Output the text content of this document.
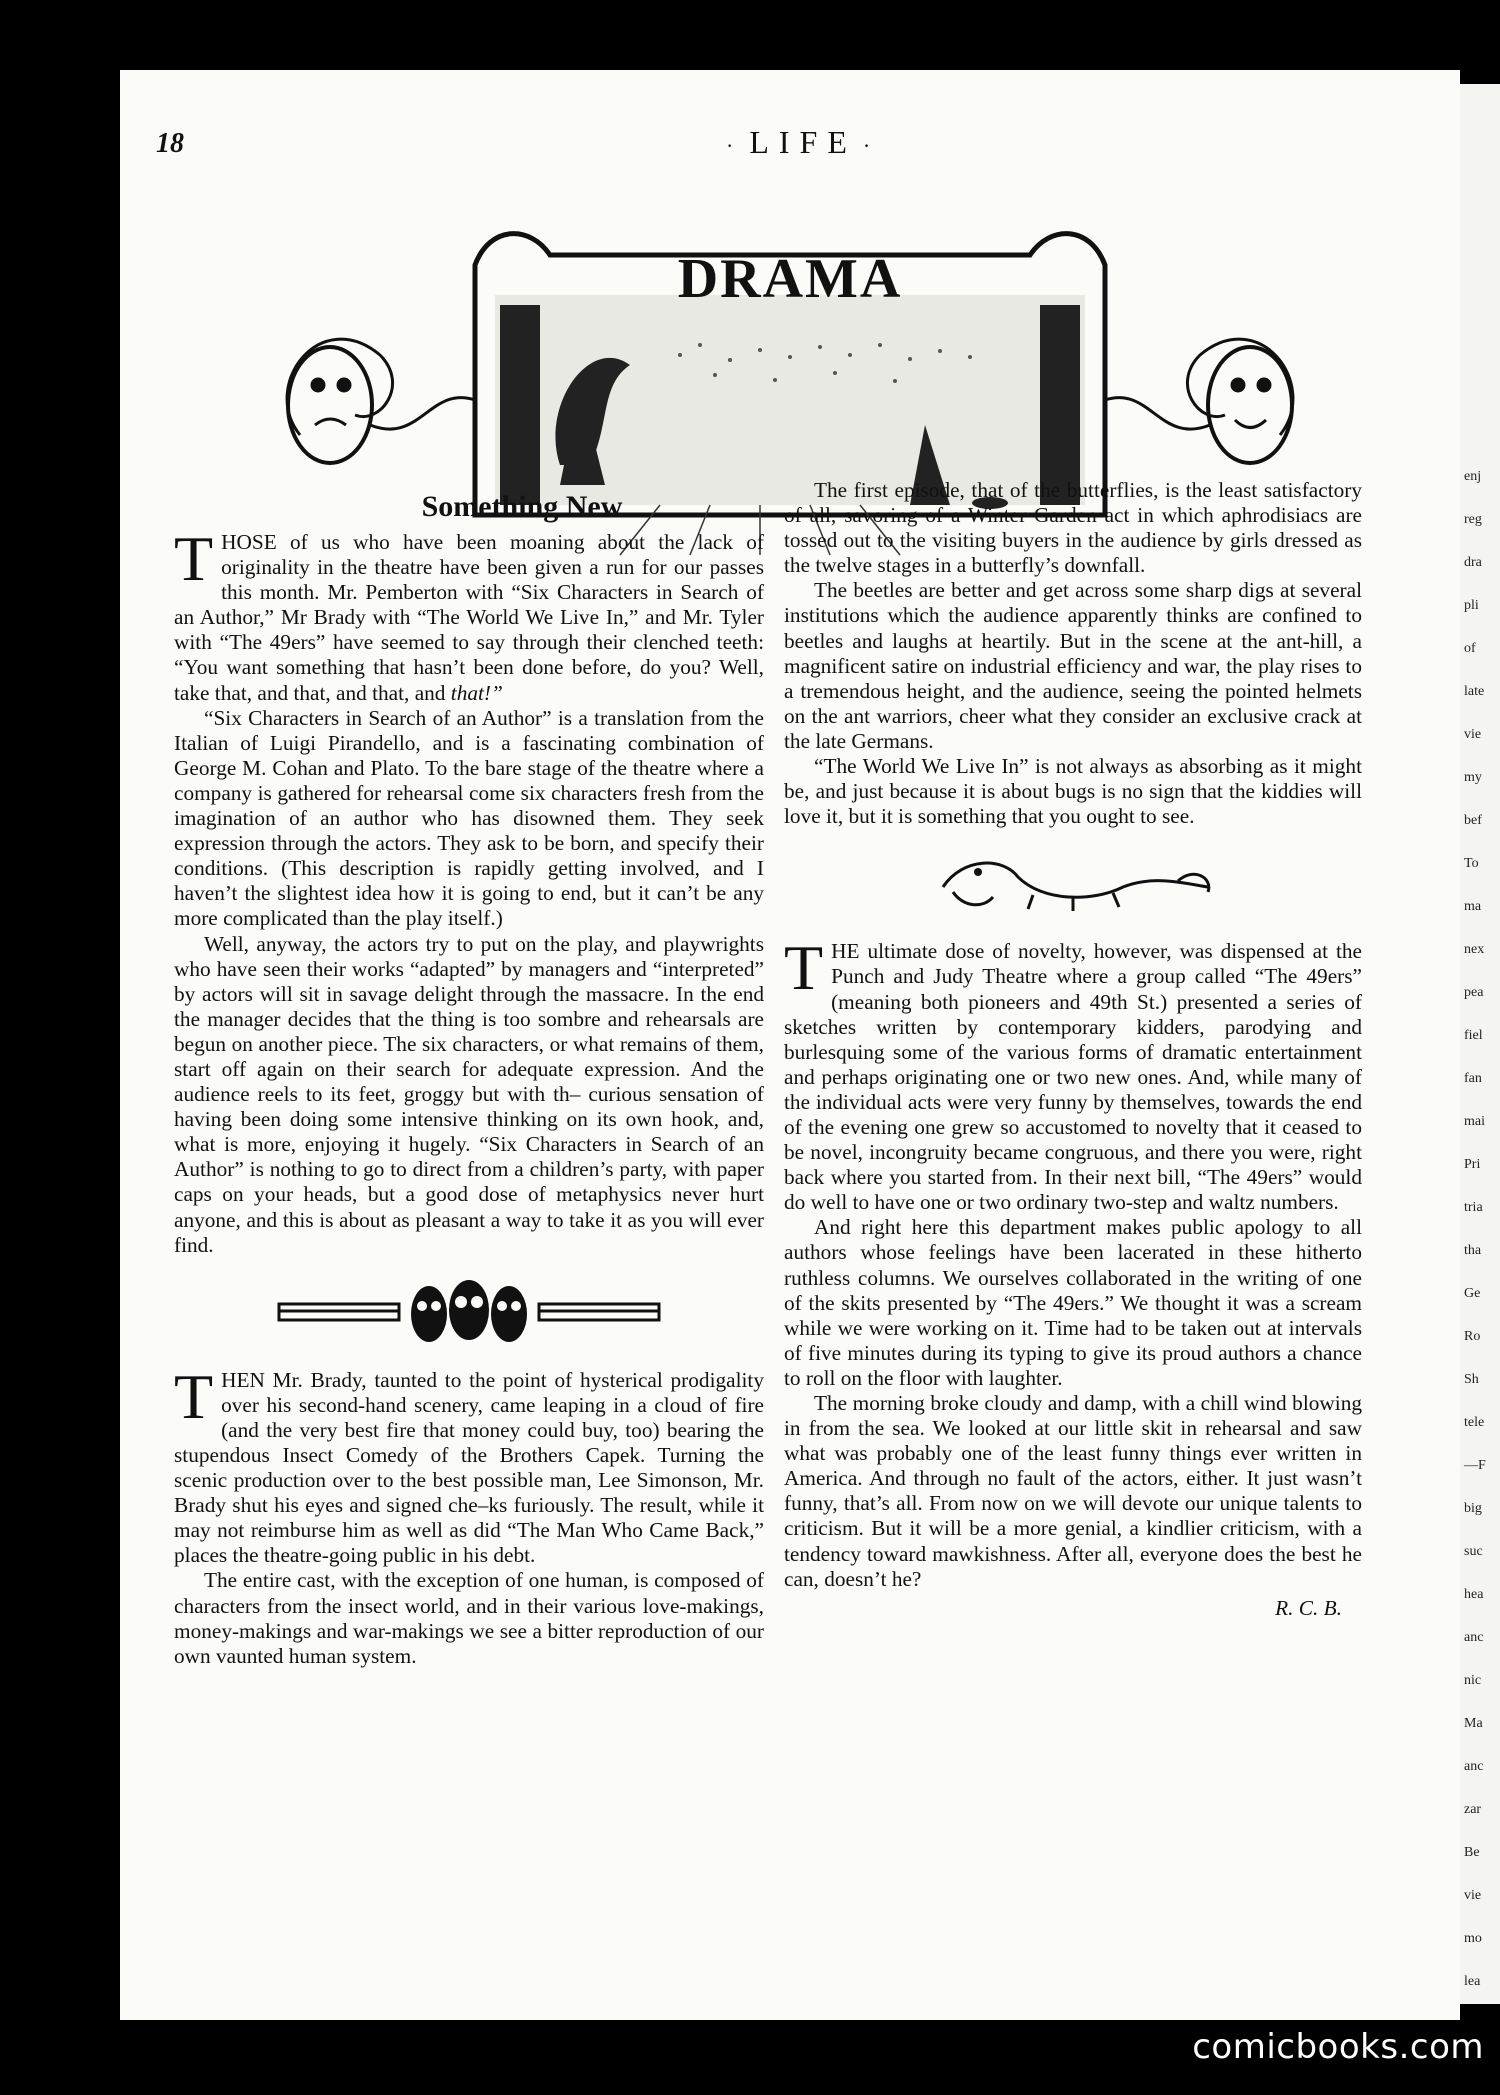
18	· LIFE ·
DRAMA
Something New

THOSE of us who have been moaning about the lack of originality in the theatre have been given a run for our passes this month. Mr. Pemberton with “Six Characters in Search of an Author,” Mr Brady with “The World We Live In,” and Mr. Tyler with “The 49ers” have seemed to say through their clenched teeth: “You want something that hasn’t been done before, do you? Well, take that, and that, and that, and that!”

“Six Characters in Search of an Author” is a translation from the Italian of Luigi Pirandello, and is a fascinating combination of George M. Cohan and Plato. To the bare stage of the theatre where a company is gathered for rehearsal come six characters fresh from the imagination of an author who has disowned them. They seek expression through the actors. They ask to be born, and specify their conditions. (This description is rapidly getting involved, and I haven’t the slightest idea how it is going to end, but it can’t be any more complicated than the play itself.)

Well, anyway, the actors try to put on the play, and playwrights who have seen their works “adapted” by managers and “interpreted” by actors will sit in savage delight through the massacre. In the end the manager decides that the thing is too sombre and rehearsals are begun on another piece. The six characters, or what remains of them, start off again on their search for adequate expression. And the audience reels to its feet, groggy but with th– curious sensation of having been doing some intensive thinking on its own hook, and, what is more, enjoying it hugely. “Six Characters in Search of an Author” is nothing to go to direct from a children’s party, with paper caps on your heads, but a good dose of metaphysics never hurt anyone, and this is about as pleasant a way to take it as you will ever find.

THEN Mr. Brady, taunted to the point of hysterical prodigality over his second-hand scenery, came leaping in a cloud of fire (and the very best fire that money could buy, too) bearing the stupendous Insect Comedy of the Brothers Capek. Turning the scenic production over to the best possible man, Lee Simonson, Mr. Brady shut his eyes and signed che–ks furiously. The result, while it may not reimburse him as well as did “The Man Who Came Back,” places the theatre-going public in his debt.

The entire cast, with the exception of one human, is composed of characters from the insect world, and in their various love-makings, money-makings and war-makings we see a bitter reproduction of our own vaunted human system.

The first episode, that of the butterflies, is the least satisfactory of all, savoring of a Winter Garden act in which aphrodisiacs are tossed out to the visiting buyers in the audience by girls dressed as the twelve stages in a butterfly’s downfall.

The beetles are better and get across some sharp digs at several institutions which the audience apparently thinks are confined to beetles and laughs at heartily. But in the scene at the ant-hill, a magnificent satire on industrial efficiency and war, the play rises to a tremendous height, and the audience, seeing the pointed helmets on the ant warriors, cheer what they consider an exclusive crack at the late Germans.

“The World We Live In” is not always as absorbing as it might be, and just because it is about bugs is no sign that the kiddies will love it, but it is something that you ought to see.

THE ultimate dose of novelty, however, was dispensed at the Punch and Judy Theatre where a group called “The 49ers” (meaning both pioneers and 49th St.) presented a series of sketches written by contemporary kidders, parodying and burlesquing some of the various forms of dramatic entertainment and perhaps originating one or two new ones. And, while many of the individual acts were very funny by themselves, towards the end of the evening one grew so accustomed to novelty that it ceased to be novel, incongruity became congruous, and there you were, right back where you started from. In their next bill, “The 49ers” would do well to have one or two ordinary two-step and waltz numbers.

And right here this department makes public apology to all authors whose feelings have been lacerated in these hitherto ruthless columns. We ourselves collaborated in the writing of one of the skits presented by “The 49ers.” We thought it was a scream while we were working on it. Time had to be taken out at intervals of five minutes during its typing to give its proud authors a chance to roll on the floor with laughter.

The morning broke cloudy and damp, with a chill wind blowing in from the sea. We looked at our little skit in rehearsal and saw what was probably one of the least funny things ever written in America. And through no fault of the actors, either. It just wasn’t funny, that’s all. From now on we will devote our unique talents to criticism. But it will be a more genial, a kindlier criticism, with a tendency toward mawkishness. After all, everyone does the best he can, doesn’t he?

R. C. B.
enj
reg
dra
pli
of
late
vie
my
bef
To
ma
nex
pea
fiel
fan
mai
Pri
tria
tha
Ge
Ro
Sh
tele
—F
big
suc
hea
anc
nic
Ma
anc
zar
Be
vie
mo
lea
comicbooks.com
